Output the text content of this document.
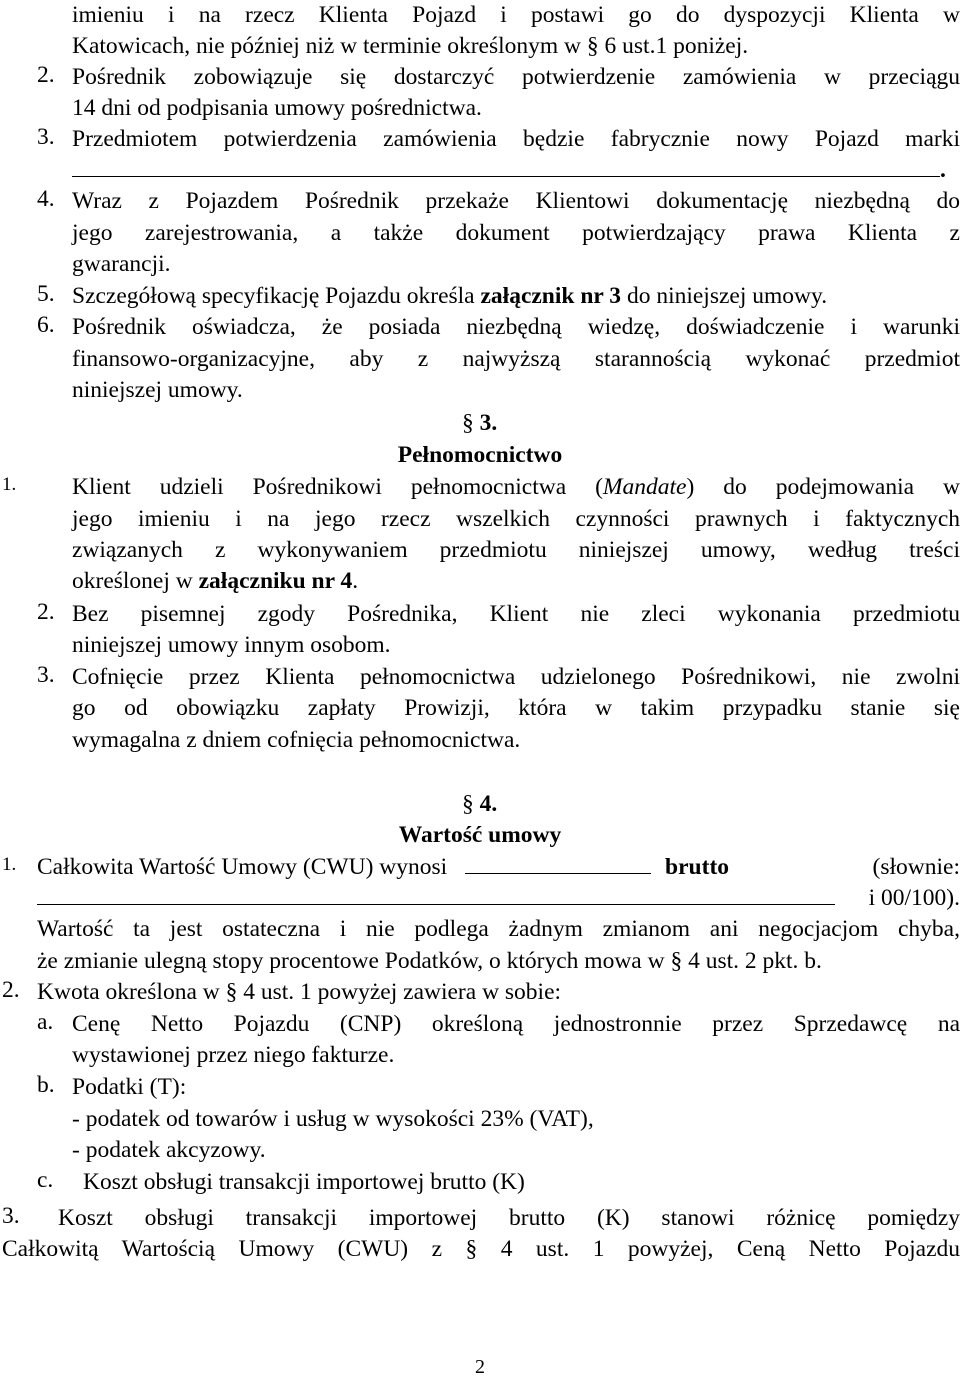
imieniu i na rzecz Klienta Pojazd i postawi go do dyspozycji Klienta w
Katowicach, nie później niż w terminie określonym w § 6 ust.1 poniżej.
2. Pośrednik zobowiązuje się dostarczyć potwierdzenie zamówienia w przeciągu
14 dni od podpisania umowy pośrednictwa.
3. Przedmiotem potwierdzenia zamówienia będzie fabrycznie nowy Pojazd marki
.
4. Wraz z Pojazdem Pośrednik przekaże Klientowi dokumentację niezbędną do
jego zarejestrowania, a także dokument potwierdzający prawa Klienta z
gwarancji.
5. Szczegółową specyfikację Pojazdu określa załącznik nr 3 do niniejszej umowy.
6. Pośrednik oświadcza, że posiada niezbędną wiedzę, doświadczenie i warunki
finansowo-organizacyjne, aby z najwyższą starannością wykonać przedmiot
niniejszej umowy.
§ 3.
Pełnomocnictwo
1. Klient udzieli Pośrednikowi pełnomocnictwa (Mandate) do podejmowania w
jego imieniu i na jego rzecz wszelkich czynności prawnych i faktycznych
związanych z wykonywaniem przedmiotu niniejszej umowy, według treści
określonej w załączniku nr 4.
2. Bez pisemnej zgody Pośrednika, Klient nie zleci wykonania przedmiotu
niniejszej umowy innym osobom.
3. Cofnięcie przez Klienta pełnomocnictwa udzielonego Pośrednikowi, nie zwolni
go od obowiązku zapłaty Prowizji, która w takim przypadku stanie się
wymagalna z dniem cofnięcia pełnomocnictwa.
§ 4.
Wartość umowy
1. Całkowita Wartość Umowy (CWU) wynosi	brutto	(słownie:
i 00/100).
Wartość ta jest ostateczna i nie podlega żadnym zmianom ani negocjacjom chyba,
że zmianie ulegną stopy procentowe Podatków, o których mowa w § 4 ust. 2 pkt. b.
2. Kwota określona w § 4 ust. 1 powyżej zawiera w sobie:
a. Cenę Netto Pojazdu (CNP) określoną jednostronnie przez Sprzedawcę na
wystawionej przez niego fakturze.
b. Podatki (T):
- podatek od towarów i usług w wysokości 23% (VAT),
- podatek akcyzowy.
c. Koszt obsługi transakcji importowej brutto (K)
3. Koszt obsługi transakcji importowej brutto (K) stanowi różnicę pomiędzy
Całkowitą Wartością Umowy (CWU) z § 4 ust. 1 powyżej, Ceną Netto Pojazdu
2
